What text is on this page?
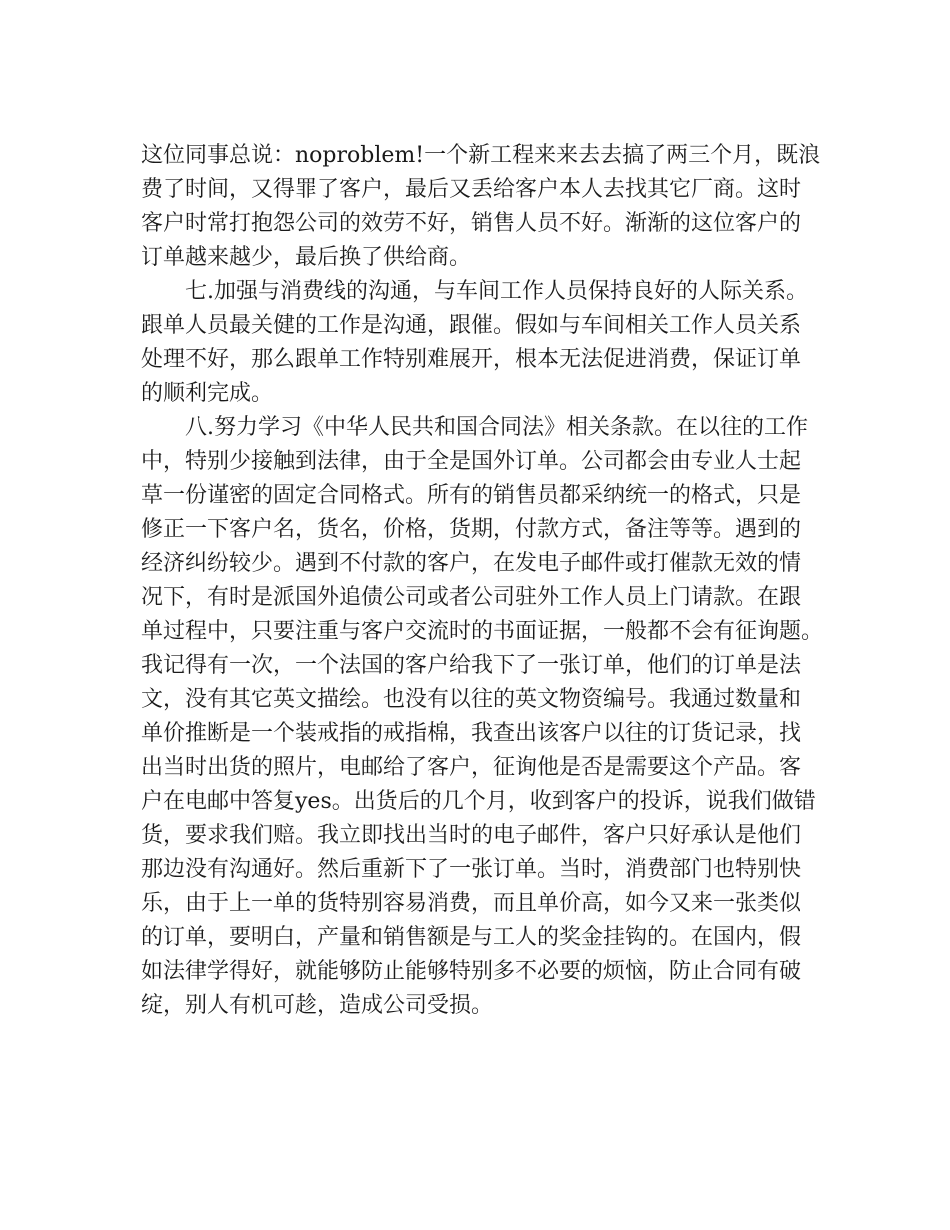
这位同事总说：noproblem!一个新工程来来去去搞了两三个月，既浪
费了时间，又得罪了客户，最后又丢给客户本人去找其它厂商。这时
客户时常打抱怨公司的效劳不好，销售人员不好。渐渐的这位客户的
订单越来越少，最后换了供给商。
七.加强与消费线的沟通，与车间工作人员保持良好的人际关系。
跟单人员最关健的工作是沟通，跟催。假如与车间相关工作人员关系
处理不好，那么跟单工作特别难展开，根本无法促进消费，保证订单
的顺利完成。
八.努力学习《中华人民共和国合同法》相关条款。在以往的工作
中，特别少接触到法律，由于全是国外订单。公司都会由专业人士起
草一份谨密的固定合同格式。所有的销售员都采纳统一的格式，只是
修正一下客户名，货名，价格，货期，付款方式，备注等等。遇到的
经济纠纷较少。遇到不付款的客户，在发电子邮件或打催款无效的情
况下，有时是派国外追债公司或者公司驻外工作人员上门请款。在跟
单过程中，只要注重与客户交流时的书面证据，一般都不会有征询题。
我记得有一次，一个法国的客户给我下了一张订单，他们的订单是法
文，没有其它英文描绘。也没有以往的英文物资编号。我通过数量和
单价推断是一个装戒指的戒指棉，我查出该客户以往的订货记录，找
出当时出货的照片，电邮给了客户，征询他是否是需要这个产品。客
户在电邮中答复yes。出货后的几个月，收到客户的投诉，说我们做错
货，要求我们赔。我立即找出当时的电子邮件，客户只好承认是他们
那边没有沟通好。然后重新下了一张订单。当时，消费部门也特别快
乐，由于上一单的货特别容易消费，而且单价高，如今又来一张类似
的订单，要明白，产量和销售额是与工人的奖金挂钩的。在国内，假
如法律学得好，就能够防止能够特别多不必要的烦恼，防止合同有破
绽，别人有机可趁，造成公司受损。
